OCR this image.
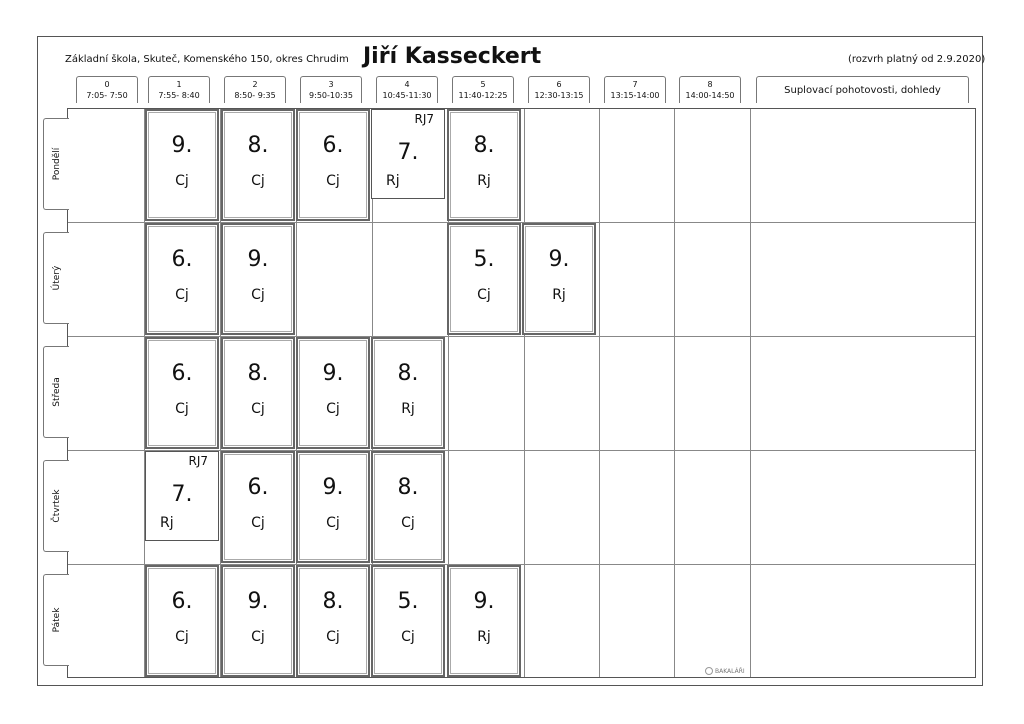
Základní škola, Skuteč, Komenského 150, okres Chrudim Jiří Kasseckert	(rozvrh platný od 2.9.2020)
0
7:05- 7:50
1
7:55- 8:40
2
8:50- 9:35
3
9:50-10:35
4
10:45-11:30
5
11:40-12:25
6
12:30-13:15
7
13:15-14:00
8
14:00-14:50	Suplovací pohotovosti, dohledy
Pondělí
Úterý
Středa
Čtvrtek
Pátek
9.
Cj
8.
Cj
6.
Cj
RJ7
7.
Rj
8.
Rj
6.
Cj
9.
Cj
5.
Cj
9.
Rj
6.
Cj
8.
Cj
9.
Cj
8.
Rj
RJ7
7.
Rj
6.
Cj
9.
Cj
8.
Cj
6.
Cj
9.
Cj
8.
Cj
5.
Cj
9.
Rj
BAKALÁŘI
